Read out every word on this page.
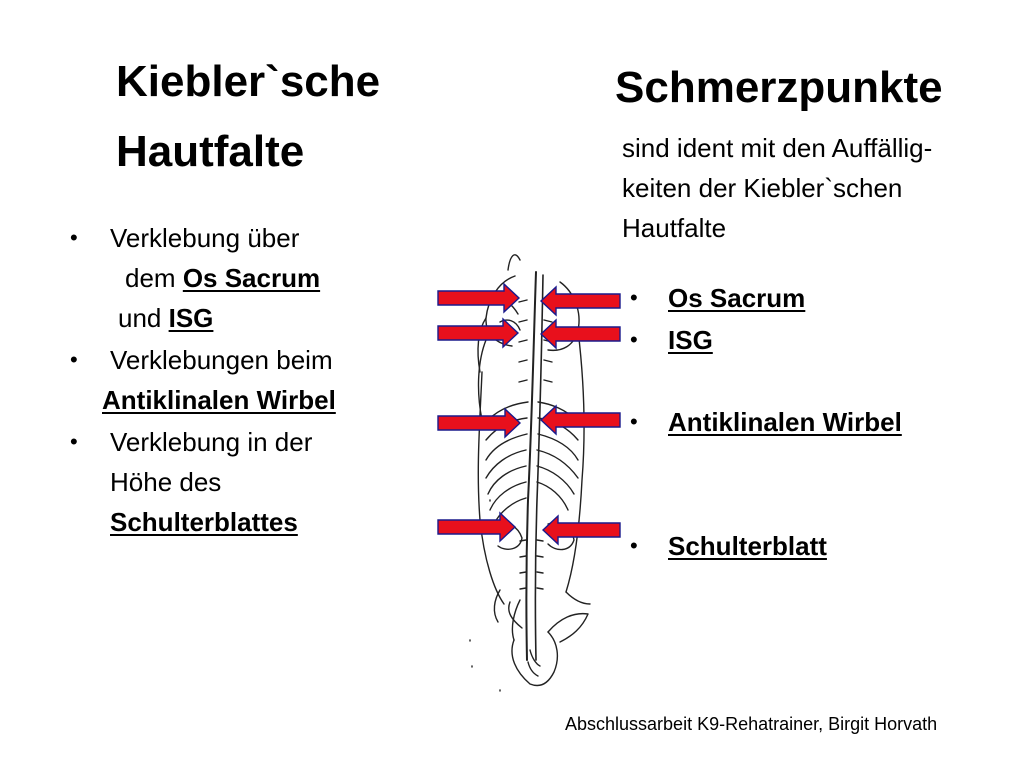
Kiebler`sche
Hautfalte
Schmerzpunkte
sind ident mit den Auffällig-
keiten der Kiebler`schen
Hautfalte
• Verklebung über
dem Os Sacrum
und ISG
• Verklebungen beim
Antiklinalen Wirbel
• Verklebung in der
Höhe des
Schulterblattes
• Os Sacrum
• ISG
• Antiklinalen Wirbel
• Schulterblatt
Abschlussarbeit K9-Rehatrainer, Birgit Horvath
